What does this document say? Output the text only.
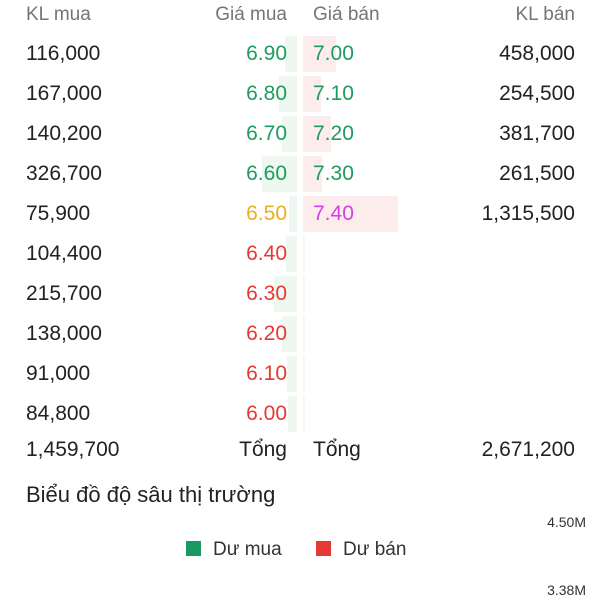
KL mua	Giá mua Giá bán	KL bán
116,000	6.90 7.00	458,000
167,000	6.80 7.10	254,500
140,200	6.70 7.20	381,700
326,700	6.60 7.30	261,500
75,900	6.50 7.40	1,315,500
104,400	6.40
215,700	6.30
138,000	6.20
91,000	6.10
84,800	6.00
1,459,700	Tổng Tổng	2,671,200
Biểu đồ độ sâu thị trường
4.50M
Dư mua	Dư bán
3.38M
